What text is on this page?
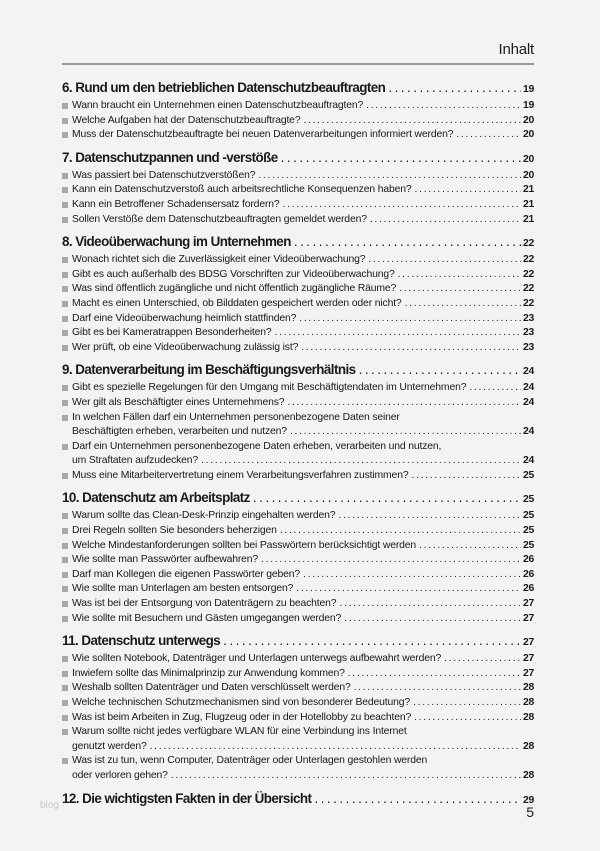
Inhalt
6. Rund um den betrieblichen Datenschutzbeauftragten . . .	19
Wann braucht ein Unternehmen einen Datenschutzbeauftragten? . . .	19
Welche Aufgaben hat der Datenschutzbeauftragte? . . .	20
Muss der Datenschutzbeauftragte bei neuen Datenverarbeitungen informiert werden? . . .	20
7. Datenschutzpannen und -verstöße . . .	20
Was passiert bei Datenschutzverstößen? . . .	20
Kann ein Datenschutzverstoß auch arbeitsrechtliche Konsequenzen haben? . . .	21
Kann ein Betroffener Schadensersatz fordern? . . .	21
Sollen Verstöße dem Datenschutzbeauftragten gemeldet werden? . . .	21
8. Videoüberwachung im Unternehmen . . .	22
Wonach richtet sich die Zuverlässigkeit einer Videoüberwachung? . . .	22
Gibt es auch außerhalb des BDSG Vorschriften zur Videoüberwachung? . . .	22
Was sind öffentlich zugängliche und nicht öffentlich zugängliche Räume? . . .	22
Macht es einen Unterschied, ob Bilddaten gespeichert werden oder nicht? . . .	22
Darf eine Videoüberwachung heimlich stattfinden? . . .	23
Gibt es bei Kameratrappen Besonderheiten? . . .	23
Wer prüft, ob eine Videoüberwachung zulässig ist? . . .	23
9. Datenverarbeitung im Beschäftigungsverhältnis . . .	24
Gibt es spezielle Regelungen für den Umgang mit Beschäftigtendaten im Unternehmen? . . .	24
Wer gilt als Beschäftigter eines Unternehmens? . . .	24
In welchen Fällen darf ein Unternehmen personenbezogene Daten seiner
Beschäftigten erheben, verarbeiten und nutzen? . . .	24
Darf ein Unternehmen personenbezogene Daten erheben, verarbeiten und nutzen,
um Straftaten aufzudecken? . . .	24
Muss eine Mitarbeitervertretung einem Verarbeitungsverfahren zustimmen? . . .	25
10. Datenschutz am Arbeitsplatz . . .	25
Warum sollte das Clean-Desk-Prinzip eingehalten werden? . . .	25
Drei Regeln sollten Sie besonders beherzigen . . .	25
Welche Mindestanforderungen sollten bei Passwörtern berücksichtigt werden . . .	25
Wie sollte man Passwörter aufbewahren? . . .	26
Darf man Kollegen die eigenen Passwörter geben? . . .	26
Wie sollte man Unterlagen am besten entsorgen? . . .	26
Was ist bei der Entsorgung von Datenträgern zu beachten? . . .	27
Wie sollte mit Besuchern und Gästen umgegangen werden? . . .	27
11. Datenschutz unterwegs . . .	27
Wie sollten Notebook, Datenträger und Unterlagen unterwegs aufbewahrt werden? . . .	27
Inwiefern sollte das Minimalprinzip zur Anwendung kommen? . . .	27
Weshalb sollten Datenträger und Daten verschlüsselt werden? . . .	28
Welche technischen Schutzmechanismen sind von besonderer Bedeutung? . . .	28
Was ist beim Arbeiten in Zug, Flugzeug oder in der Hotellobby zu beachten? . . .	28
Warum sollte nicht jedes verfügbare WLAN für eine Verbindung ins Internet
genutzt werden? . . .	28
Was ist zu tun, wenn Computer, Datenträger oder Unterlagen gestohlen werden
oder verloren gehen? . . .	28
12. Die wichtigsten Fakten in der Übersicht . . .	29
blog	5
